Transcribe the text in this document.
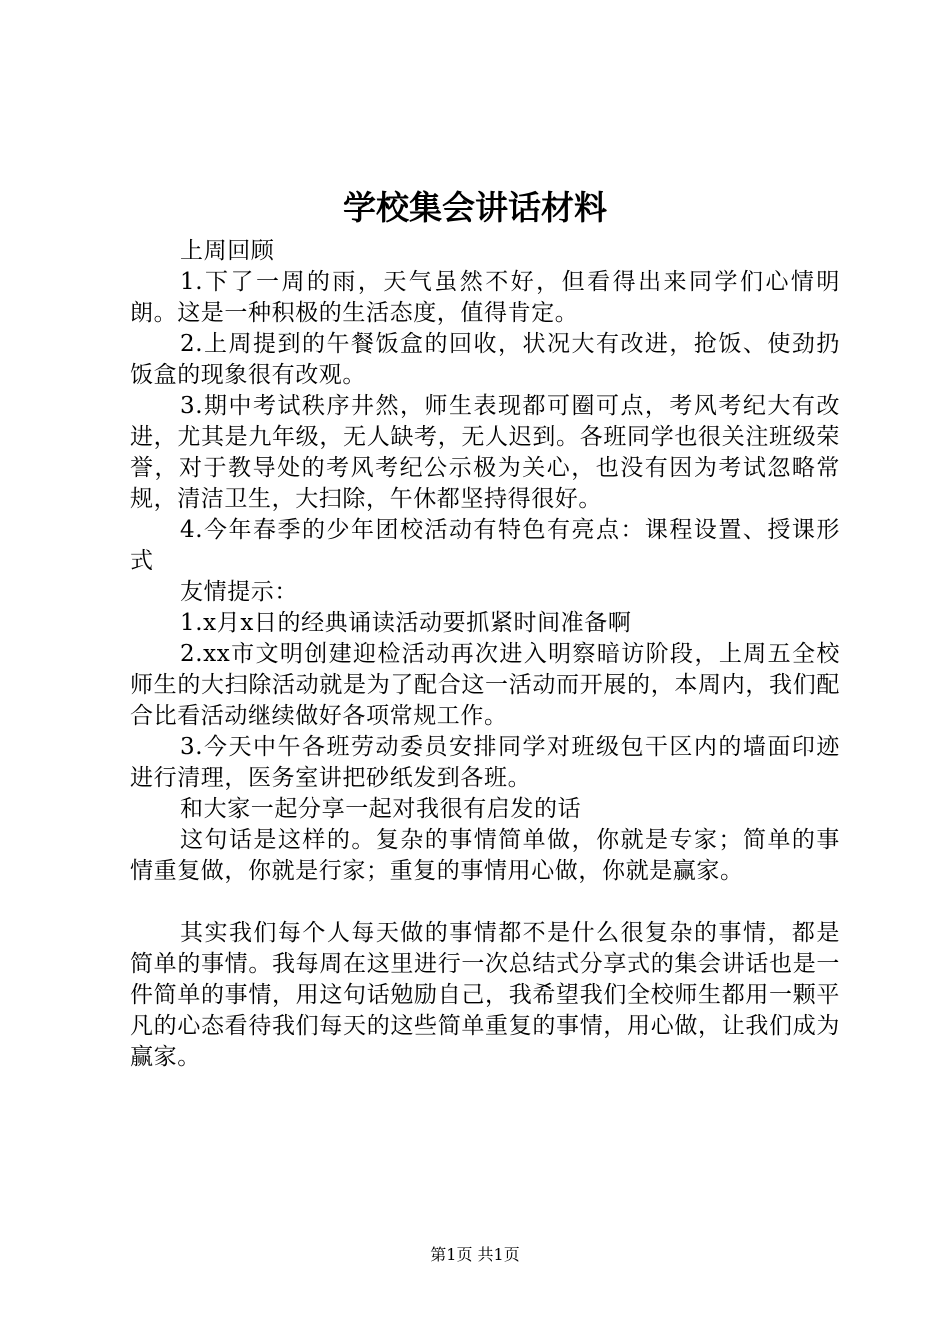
学校集会讲话材料

上周回顾

1.下了一周的雨，天气虽然不好，但看得出来同学们心情明朗。这是一种积极的生活态度，值得肯定。

2.上周提到的午餐饭盒的回收，状况大有改进，抢饭、使劲扔饭盒的现象很有改观。

3.期中考试秩序井然，师生表现都可圈可点，考风考纪大有改进，尤其是九年级，无人缺考，无人迟到。各班同学也很关注班级荣誉，对于教导处的考风考纪公示极为关心，也没有因为考试忽略常规，清洁卫生，大扫除，午休都坚持得很好。

4.今年春季的少年团校活动有特色有亮点：课程设置、授课形式

友情提示：

1.x月x日的经典诵读活动要抓紧时间准备啊

2.xx市文明创建迎检活动再次进入明察暗访阶段，上周五全校师生的大扫除活动就是为了配合这一活动而开展的，本周内，我们配合比看活动继续做好各项常规工作。

3.今天中午各班劳动委员安排同学对班级包干区内的墙面印迹进行清理，医务室讲把砂纸发到各班。

和大家一起分享一起对我很有启发的话

这句话是这样的。复杂的事情简单做，你就是专家；简单的事情重复做，你就是行家；重复的事情用心做，你就是赢家。

其实我们每个人每天做的事情都不是什么很复杂的事情，都是简单的事情。我每周在这里进行一次总结式分享式的集会讲话也是一件简单的事情，用这句话勉励自己，我希望我们全校师生都用一颗平凡的心态看待我们每天的这些简单重复的事情，用心做，让我们成为赢家。

第1页 共1页
